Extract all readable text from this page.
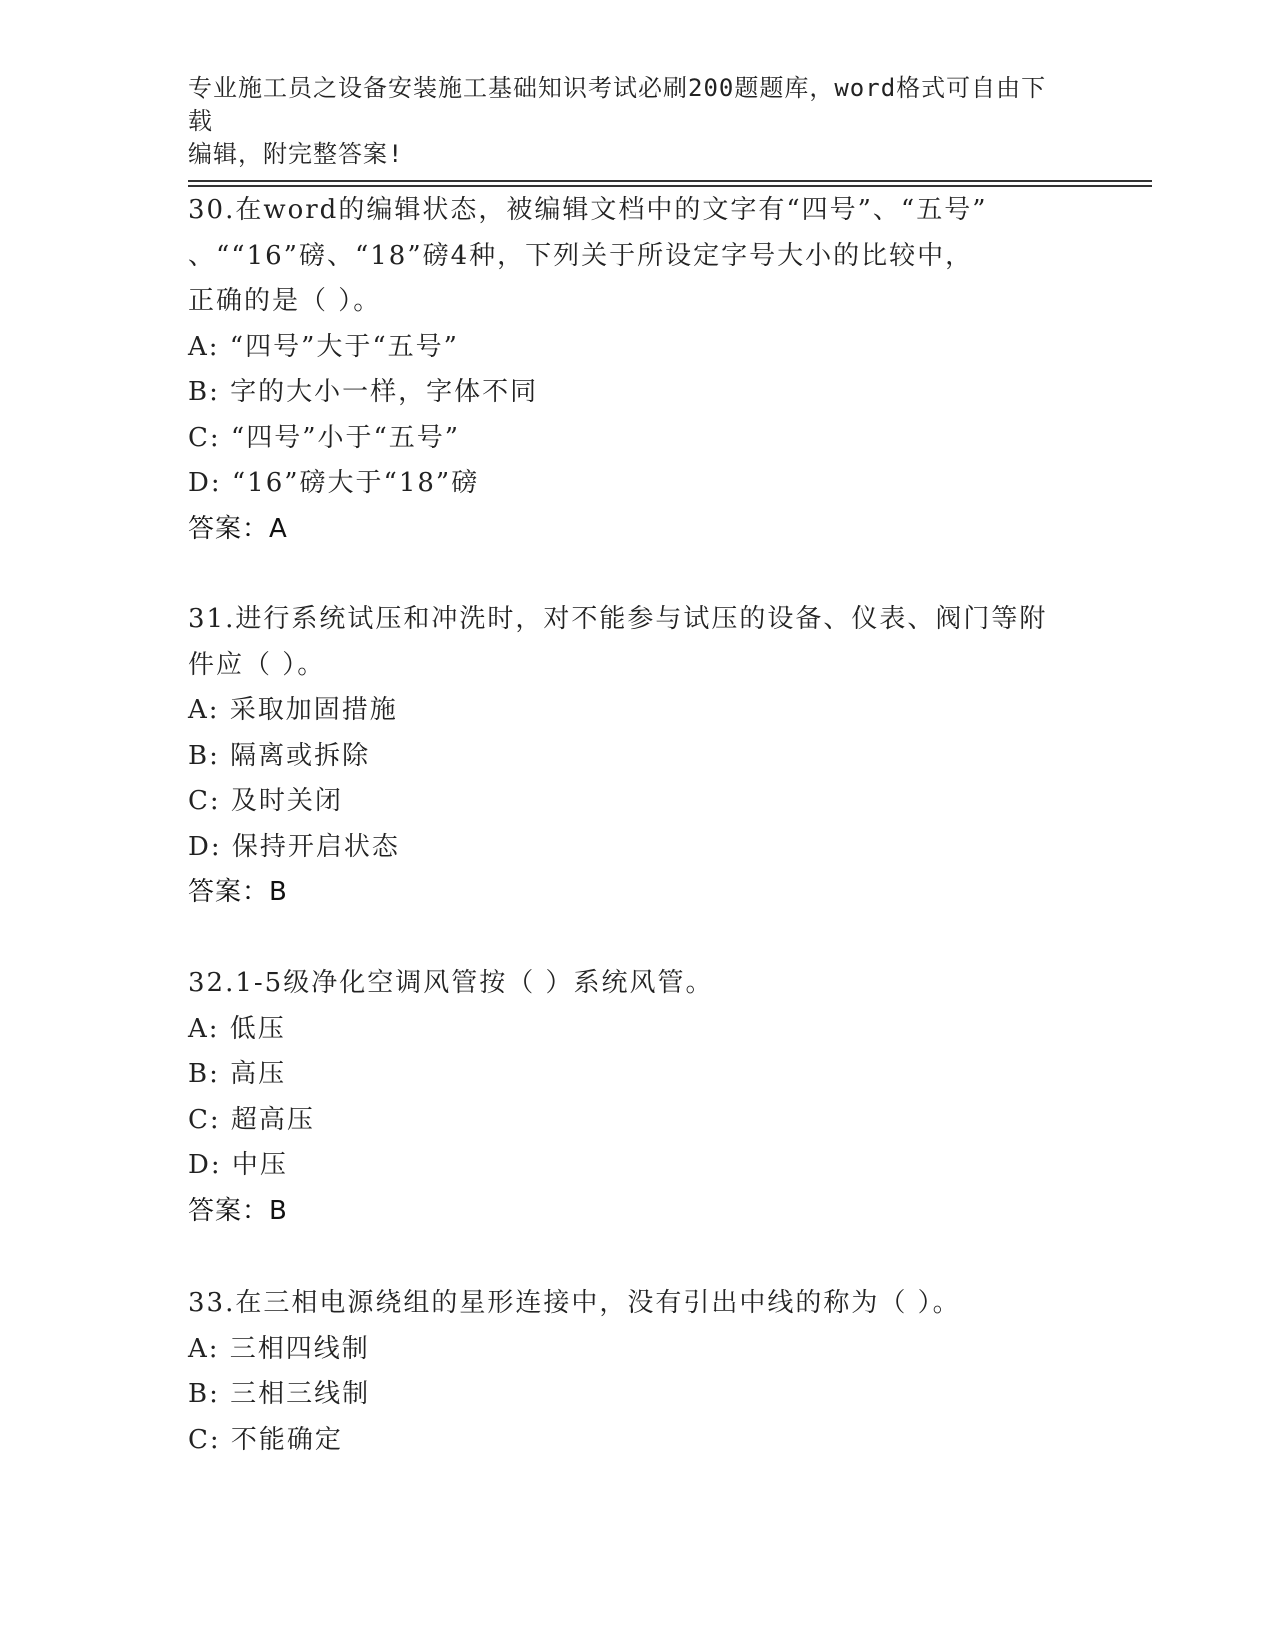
专业施工员之设备安装施工基础知识考试必刷200题题库，word格式可自由下载
编辑，附完整答案!
30.在word的编辑状态，被编辑文档中的文字有“四号”、“五号”
、““16”磅、“18”磅4种，下列关于所设定字号大小的比较中，
正确的是（ ）。
A: “四号”大于“五号”
B: 字的大小一样，字体不同
C: “四号”小于“五号”
D: “16”磅大于“18”磅
答案：A
31.进行系统试压和冲洗时，对不能参与试压的设备、仪表、阀门等附
件应（ ）。
A: 采取加固措施
B: 隔离或拆除
C: 及时关闭
D: 保持开启状态
答案：B
32.1-5级净化空调风管按（ ）系统风管。
A: 低压
B: 高压
C: 超高压
D: 中压
答案：B
33.在三相电源绕组的星形连接中，没有引出中线的称为（ ）。
A: 三相四线制
B: 三相三线制
C: 不能确定
